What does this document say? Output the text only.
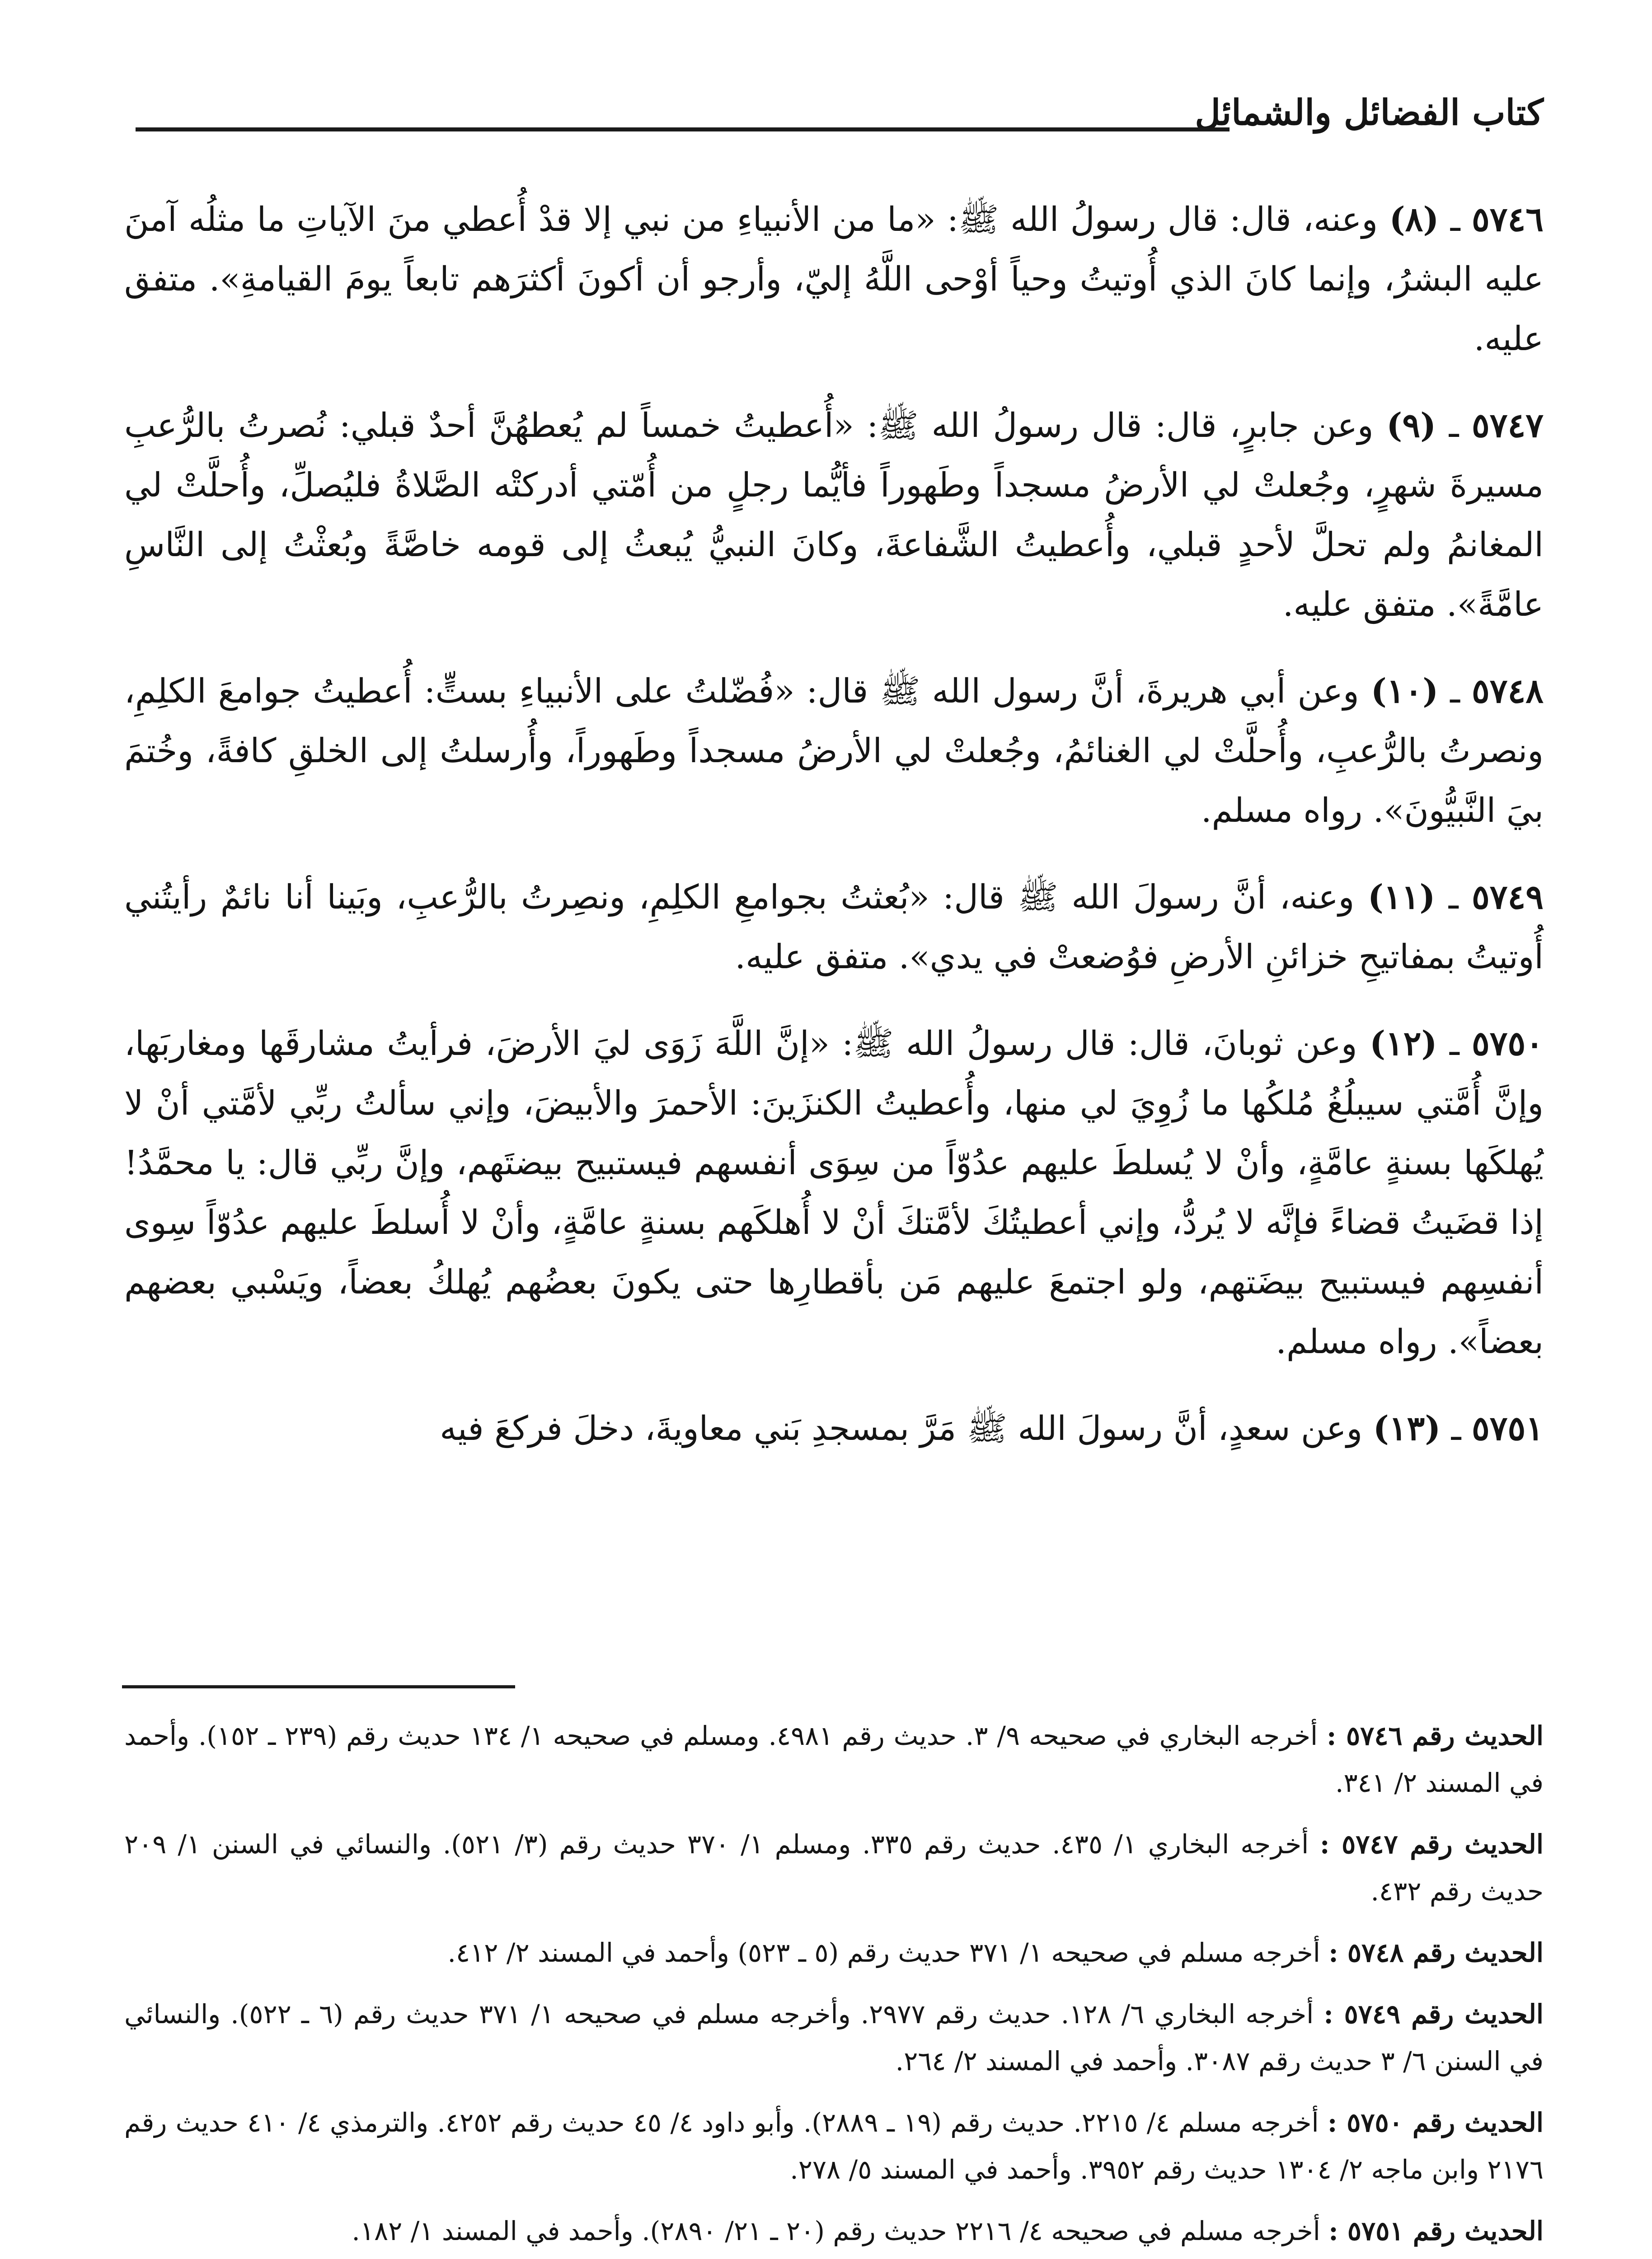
كتاب الفضائل والشمائل

٥٧٤٦ ـ (٨) وعنه، قال: قال رسولُ الله ﷺ: «ما من الأنبياءِ من نبي إلا قدْ أُعطي منَ الآياتِ ما مثلُه آمنَ عليه البشرُ، وإنما كانَ الذي أُوتيتُ وحياً أوْحى اللَّهُ إليّ، وأرجو أن أكونَ أكثرَهم تابعاً يومَ القيامةِ». متفق عليه.

٥٧٤٧ ـ (٩) وعن جابرٍ، قال: قال رسولُ الله ﷺ: «أُعطيتُ خمساً لم يُعطهُنَّ أحدٌ قبلي: نُصرتُ بالرُّعبِ مسيرةَ شهرٍ، وجُعلتْ لي الأرضُ مسجداً وطَهوراً فأيُّما رجلٍ من أُمّتي أدركتْه الصَّلاةُ فليُصلِّ، وأُحلَّتْ لي المغانمُ ولم تحلَّ لأحدٍ قبلي، وأُعطيتُ الشَّفاعةَ، وكانَ النبيُّ يُبعثُ إلى قومه خاصَّةً وبُعثْتُ إلى النَّاسِ عامَّةً». متفق عليه.

٥٧٤٨ ـ (١٠) وعن أبي هريرةَ، أنَّ رسول الله ﷺ قال: «فُضّلتُ على الأنبياءِ بستٍّ: أُعطيتُ جوامعَ الكلِمِ، ونصرتُ بالرُّعبِ، وأُحلَّتْ لي الغنائمُ، وجُعلتْ لي الأرضُ مسجداً وطَهوراً، وأُرسلتُ إلى الخلقِ كافةً، وخُتمَ بيَ النَّبيُّونَ». رواه مسلم.

٥٧٤٩ ـ (١١) وعنه، أنَّ رسولَ الله ﷺ قال: «بُعثتُ بجوامعِ الكلِمِ، ونصِرتُ بالرُّعبِ، وبَينا أنا نائمٌ رأيتُني أُوتيتُ بمفاتيحِ خزائنِ الأرضِ فوُضعتْ في يدي». متفق عليه.

٥٧٥٠ ـ (١٢) وعن ثوبانَ، قال: قال رسولُ الله ﷺ: «إنَّ اللَّهَ زَوَى ليَ الأرضَ، فرأيتُ مشارقَها ومغاربَها، وإنَّ أُمَّتي سيبلُغُ مُلكُها ما زُوِيَ لي منها، وأُعطيتُ الكنزَينَ: الأحمرَ والأبيضَ، وإني سألتُ ربِّي لأمَّتي أنْ لا يُهلكَها بسنةٍ عامَّةٍ، وأنْ لا يُسلطَ عليهم عدُوّاً من سِوَى أنفسهم فيستبيح بيضتَهم، وإنَّ ربِّي قال: يا محمَّدُ! إذا قضَيتُ قضاءً فإنَّه لا يُردُّ، وإني أعطيتُكَ لأمَّتكَ أنْ لا أُهلكَهم بسنةٍ عامَّةٍ، وأنْ لا أُسلطَ عليهم عدُوّاً سِوى أنفسِهم فيستبيح بيضَتهم، ولو اجتمعَ عليهم مَن بأقطارِها حتى يكونَ بعضُهم يُهلكُ بعضاً، ويَسْبي بعضهم بعضاً». رواه مسلم.

٥٧٥١ ـ (١٣) وعن سعدٍ، أنَّ رسولَ الله ﷺ مَرَّ بمسجدِ بَني معاويةَ، دخلَ فركعَ فيه

الحديث رقم ٥٧٤٦ : أخرجه البخاري في صحيحه ٩/ ٣. حديث رقم ٤٩٨١. ومسلم في صحيحه ١/ ١٣٤ حديث رقم (٢٣٩ ـ ١٥٢). وأحمد في المسند ٢/ ٣٤١.

الحديث رقم ٥٧٤٧ : أخرجه البخاري ١/ ٤٣٥. حديث رقم ٣٣٥. ومسلم ١/ ٣٧٠ حديث رقم (٣/ ٥٢١). والنسائي في السنن ١/ ٢٠٩ حديث رقم ٤٣٢.

الحديث رقم ٥٧٤٨ : أخرجه مسلم في صحيحه ١/ ٣٧١ حديث رقم (٥ ـ ٥٢٣) وأحمد في المسند ٢/ ٤١٢.

الحديث رقم ٥٧٤٩ : أخرجه البخاري ٦/ ١٢٨. حديث رقم ٢٩٧٧. وأخرجه مسلم في صحيحه ١/ ٣٧١ حديث رقم (٦ ـ ٥٢٢). والنسائي في السنن ٦/ ٣ حديث رقم ٣٠٨٧. وأحمد في المسند ٢/ ٢٦٤.

الحديث رقم ٥٧٥٠ : أخرجه مسلم ٤/ ٢٢١٥. حديث رقم (١٩ ـ ٢٨٨٩). وأبو داود ٤/ ٤٥ حديث رقم ٤٢٥٢. والترمذي ٤/ ٤١٠ حديث رقم ٢١٧٦ وابن ماجه ٢/ ١٣٠٤ حديث رقم ٣٩٥٢. وأحمد في المسند ٥/ ٢٧٨.

الحديث رقم ٥٧٥١ : أخرجه مسلم في صحيحه ٤/ ٢٢١٦ حديث رقم (٢٠ ـ ٢١/ ٢٨٩٠). وأحمد في المسند ١/ ١٨٢.
